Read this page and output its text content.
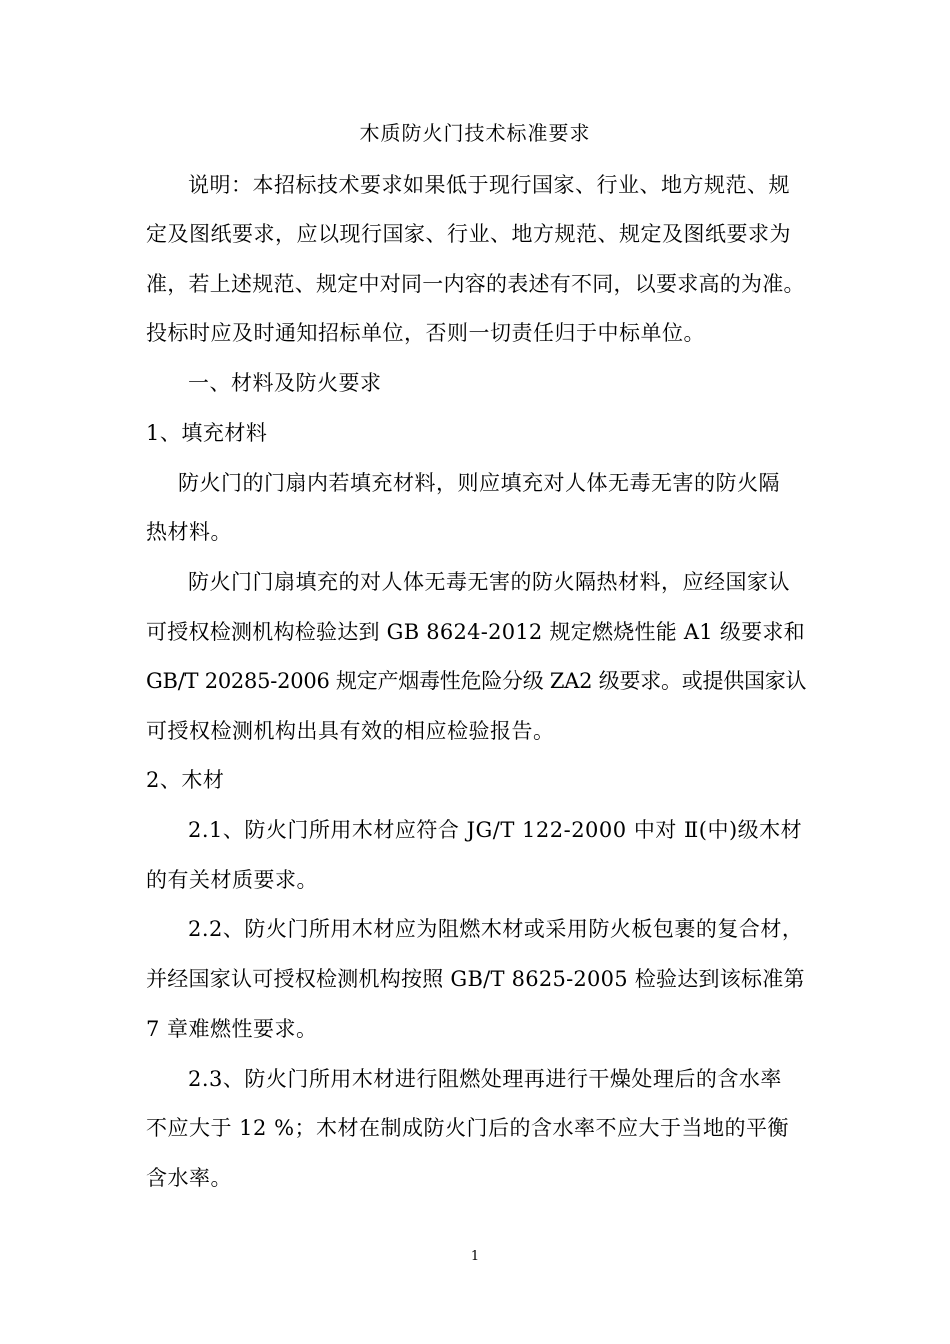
木质防火门技术标准要求
说明：本招标技术要求如果低于现行国家、行业、地方规范、规
定及图纸要求，应以现行国家、行业、地方规范、规定及图纸要求为
准，若上述规范、规定中对同一内容的表述有不同，以要求高的为准。
投标时应及时通知招标单位，否则一切责任归于中标单位。
一、材料及防火要求
1、填充材料
防火门的门扇内若填充材料，则应填充对人体无毒无害的防火隔
热材料。
防火门门扇填充的对人体无毒无害的防火隔热材料，应经国家认
可授权检测机构检验达到 GB 8624-2012 规定燃烧性能 A1 级要求和
GB/T 20285-2006 规定产烟毒性危险分级 ZA2 级要求。或提供国家认
可授权检测机构出具有效的相应检验报告。
2、木材
2.1、防火门所用木材应符合 JG/T 122-2000 中对 Ⅱ(中)级木材
的有关材质要求。
2.2、防火门所用木材应为阻燃木材或采用防火板包裹的复合材，
并经国家认可授权检测机构按照 GB/T 8625-2005 检验达到该标准第
7 章难燃性要求。
2.3、防火门所用木材进行阻燃处理再进行干燥处理后的含水率
不应大于 12 %；木材在制成防火门后的含水率不应大于当地的平衡
含水率。
1
